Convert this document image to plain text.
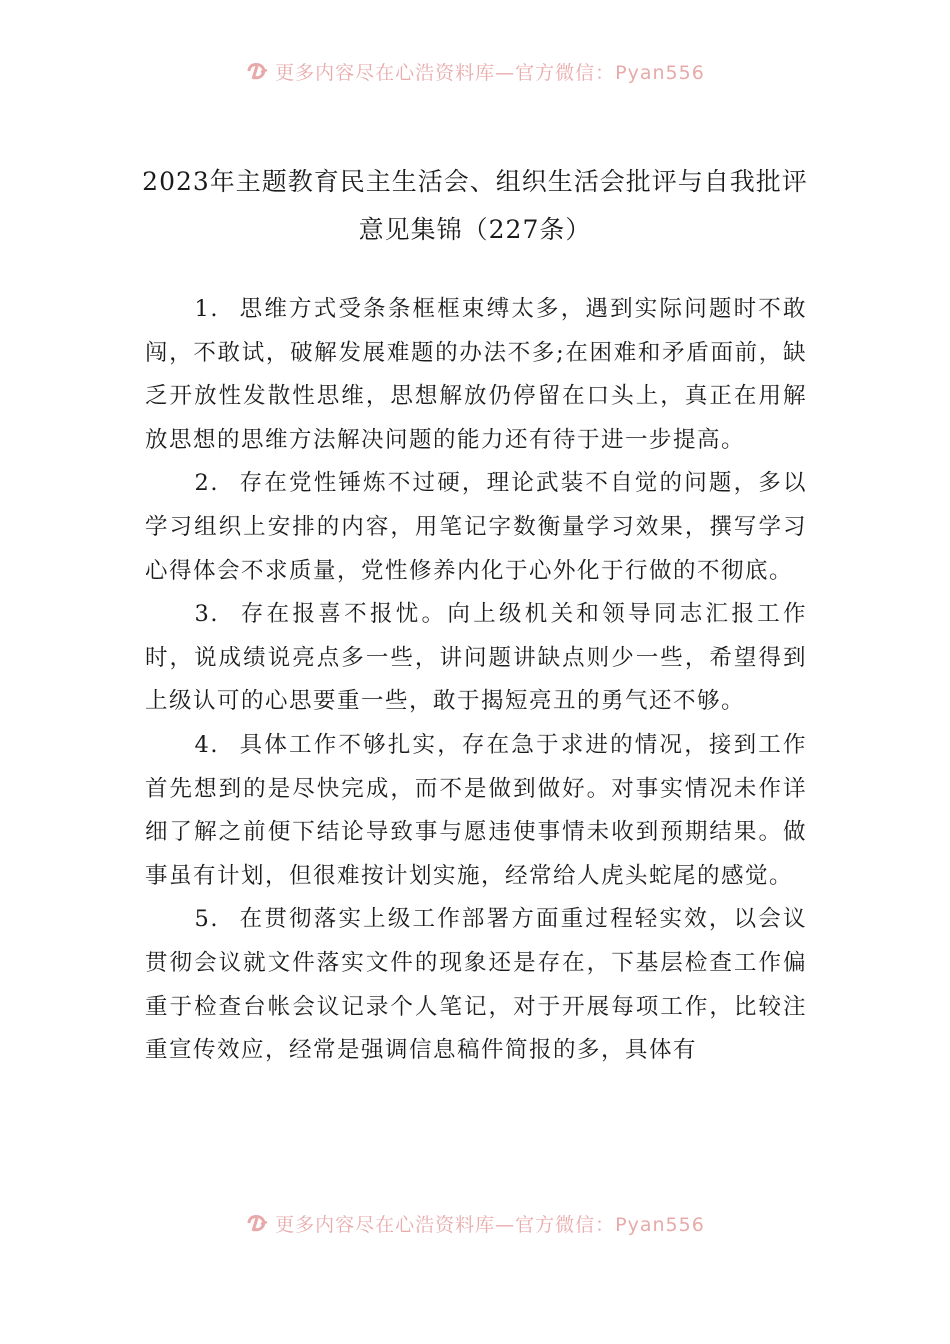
更多内容尽在心浩资料库—官方微信：Pyan556
2023年主题教育民主生活会、组织生活会批评与自我批评
意见集锦（227条）

1. 思维方式受条条框框束缚太多，遇到实际问题时不敢闯，不敢试，破解发展难题的办法不多;在困难和矛盾面前，缺乏开放性发散性思维，思想解放仍停留在口头上，真正在用解放思想的思维方法解决问题的能力还有待于进一步提高。

2. 存在党性锤炼不过硬，理论武装不自觉的问题，多以学习组织上安排的内容，用笔记字数衡量学习效果，撰写学习心得体会不求质量，党性修养内化于心外化于行做的不彻底。

3. 存在报喜不报忧。向上级机关和领导同志汇报工作时，说成绩说亮点多一些，讲问题讲缺点则少一些，希望得到上级认可的心思要重一些，敢于揭短亮丑的勇气还不够。

4. 具体工作不够扎实，存在急于求进的情况，接到工作首先想到的是尽快完成，而不是做到做好。对事实情况未作详细了解之前便下结论导致事与愿违使事情未收到预期结果。做事虽有计划，但很难按计划实施，经常给人虎头蛇尾的感觉。

5. 在贯彻落实上级工作部署方面重过程轻实效，以会议贯彻会议就文件落实文件的现象还是存在，下基层检查工作偏重于检查台帐会议记录个人笔记，对于开展每项工作，比较注重宣传效应，经常是强调信息稿件简报的多，具体有

更多内容尽在心浩资料库—官方微信：Pyan556
